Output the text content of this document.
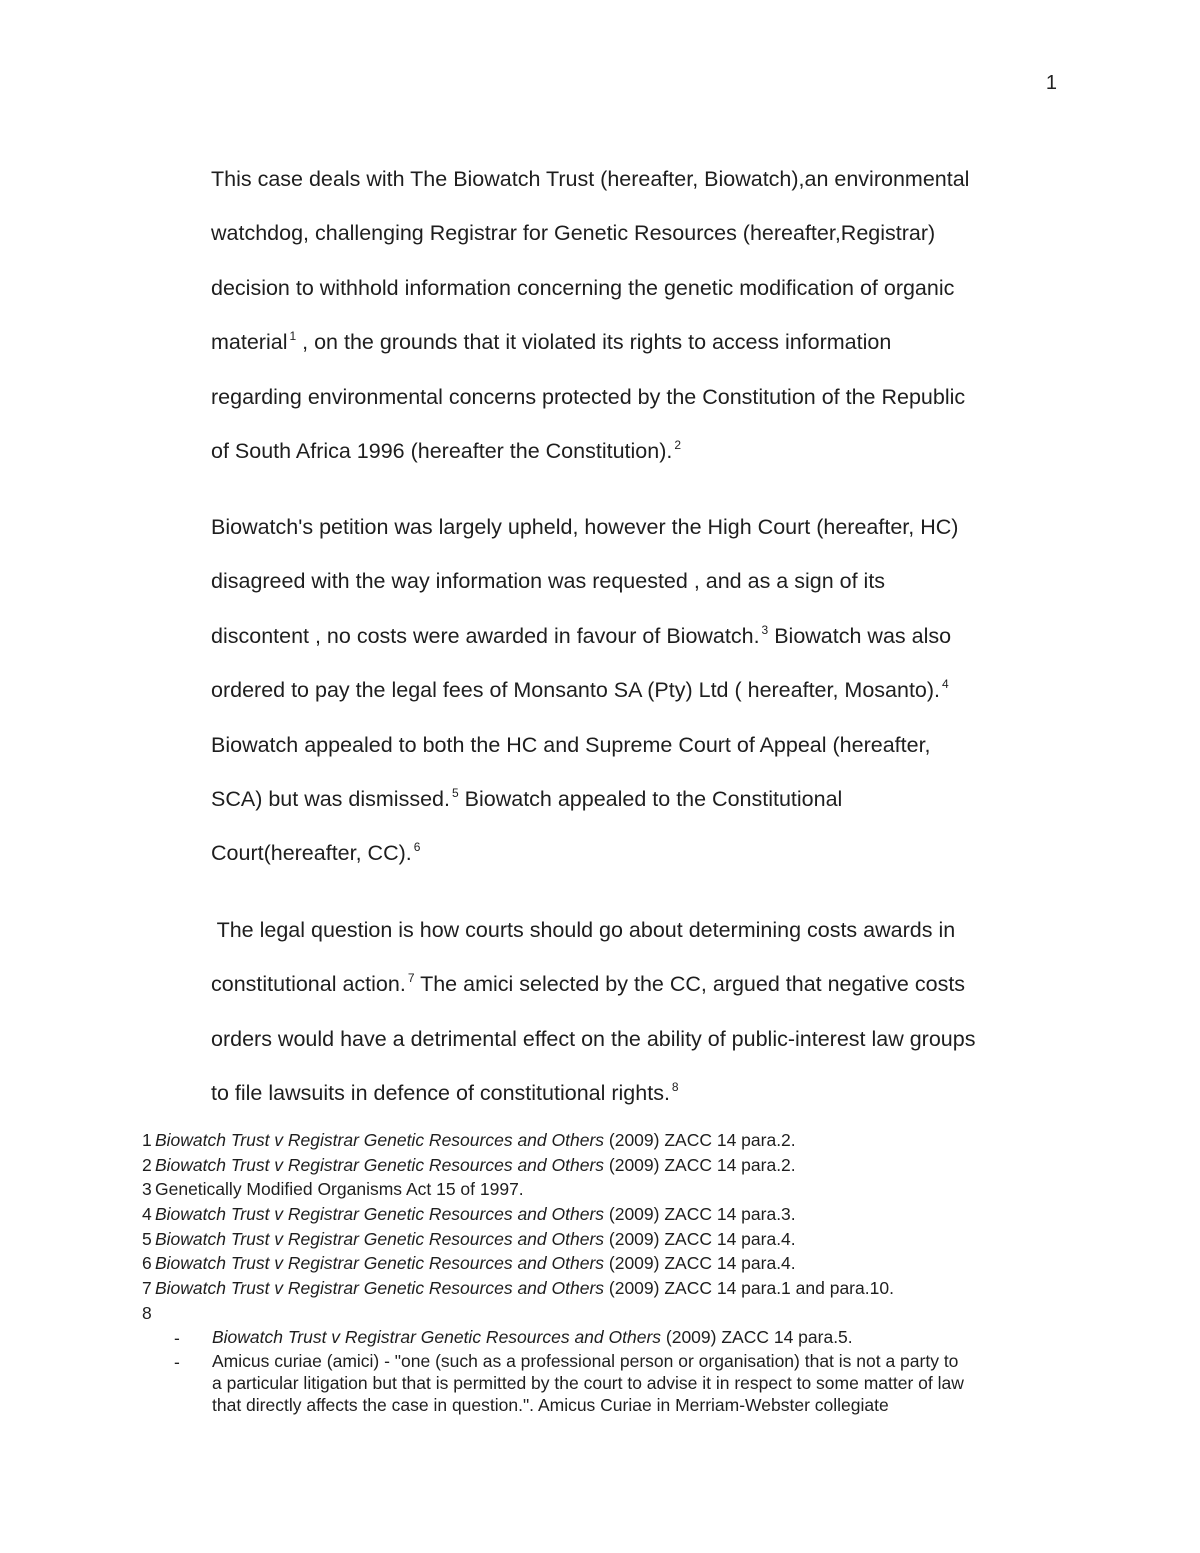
1
This case deals with The Biowatch Trust (hereafter, Biowatch),an environmental
watchdog, challenging Registrar for Genetic Resources (hereafter,Registrar)
decision to withhold information concerning the genetic modification of organic
material $^1$ , on the grounds that it violated its rights to access information
regarding environmental concerns protected by the Constitution of the Republic
of South Africa 1996 (hereafter the Constitution). $^2$
Biowatch's petition was largely upheld, however the High Court (hereafter, HC)
disagreed with the way information was requested , and as a sign of its
discontent , no costs were awarded in favour of Biowatch. $^3$ Biowatch was also
ordered to pay the legal fees of Monsanto SA (Pty) Ltd ( hereafter, Mosanto). $^4$
Biowatch appealed to both the HC and Supreme Court of Appeal (hereafter,
SCA) but was dismissed. $^5$ Biowatch appealed to the Constitutional
Court(hereafter, CC). $^6$
The legal question is how courts should go about determining costs awards in
constitutional action. $^7$ The amici selected by the CC, argued that negative costs
orders would have a detrimental effect on the ability of public-interest law groups
to file lawsuits in defence of constitutional rights. $^8$
1 Biowatch Trust v Registrar Genetic Resources and Others (2009) ZACC 14 para.2.
2 Biowatch Trust v Registrar Genetic Resources and Others (2009) ZACC 14 para.2.
3 Genetically Modified Organisms Act 15 of 1997.
4 Biowatch Trust v Registrar Genetic Resources and Others (2009) ZACC 14 para.3.
5 Biowatch Trust v Registrar Genetic Resources and Others (2009) ZACC 14 para.4.
6 Biowatch Trust v Registrar Genetic Resources and Others (2009) ZACC 14 para.4.
7 Biowatch Trust v Registrar Genetic Resources and Others (2009) ZACC 14 para.1 and para.10.
8
- Biowatch Trust v Registrar Genetic Resources and Others (2009) ZACC 14 para.5.
- Amicus curiae (amici) - "one (such as a professional person or organisation) that is not a party to
a particular litigation but that is permitted by the court to advise it in respect to some matter of law
that directly affects the case in question.". Amicus Curiae in Merriam-Webster collegiate
